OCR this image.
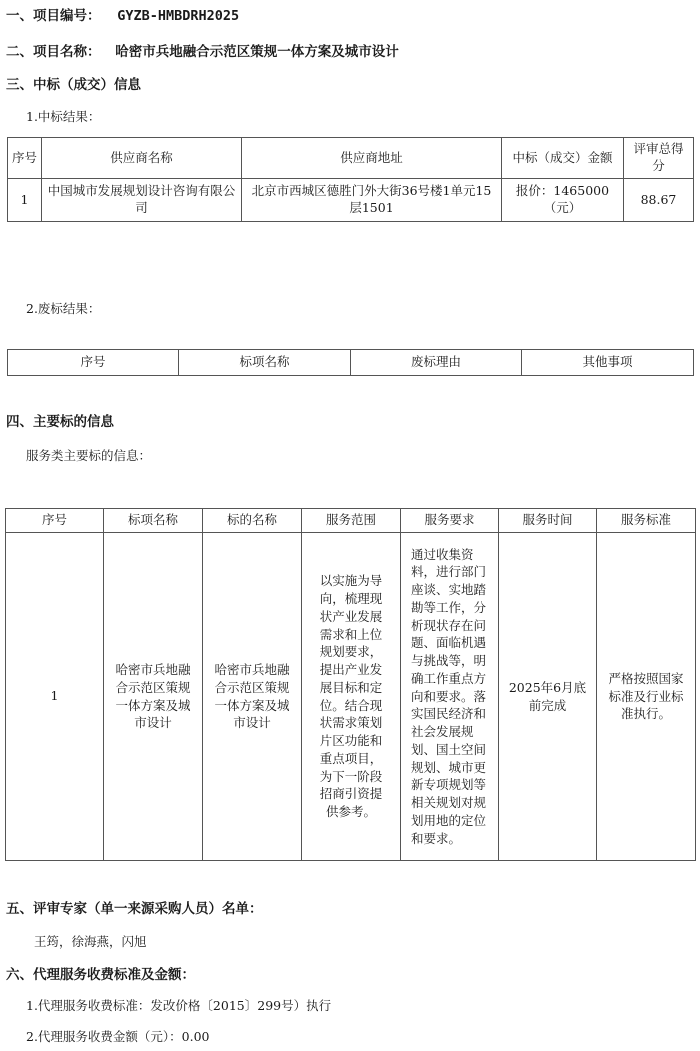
一、项目编号： GYZB-HMBDRH2025
二、项目名称： 哈密市兵地融合示范区策规一体方案及城市设计
三、中标（成交）信息
1.中标结果：
序号	供应商名称	供应商地址	中标（成交）金额	评审总得分
1	中国城市发展规划设计咨询有限公司	北京市西城区德胜门外大街36号楼1单元15层1501	报价：1465000（元）	88.67
2.废标结果：
序号	标项名称	废标理由	其他事项
四、主要标的信息
服务类主要标的信息：
序号	标项名称	标的名称	服务范围	服务要求	服务时间	服务标准
1	哈密市兵地融合示范区策规一体方案及城市设计	哈密市兵地融合示范区策规一体方案及城市设计	以实施为导向，梳理现状产业发展需求和上位规划要求，提出产业发展目标和定位。结合现状需求策划片区功能和重点项目，为下一阶段招商引资提供参考。	通过收集资料，进行部门座谈、实地踏勘等工作，分析现状存在问题、面临机遇与挑战等，明确工作重点方向和要求。落实国民经济和社会发展规划、国土空间规划、城市更新专项规划等相关规划对规划用地的定位和要求。	2025年6月底前完成	严格按照国家标准及行业标准执行。
五、评审专家（单一来源采购人员）名单：
王筠，徐海燕，闪旭
六、代理服务收费标准及金额：
1.代理服务收费标准：发改价格〔2015〕299号）执行
2.代理服务收费金额（元）：0.00
